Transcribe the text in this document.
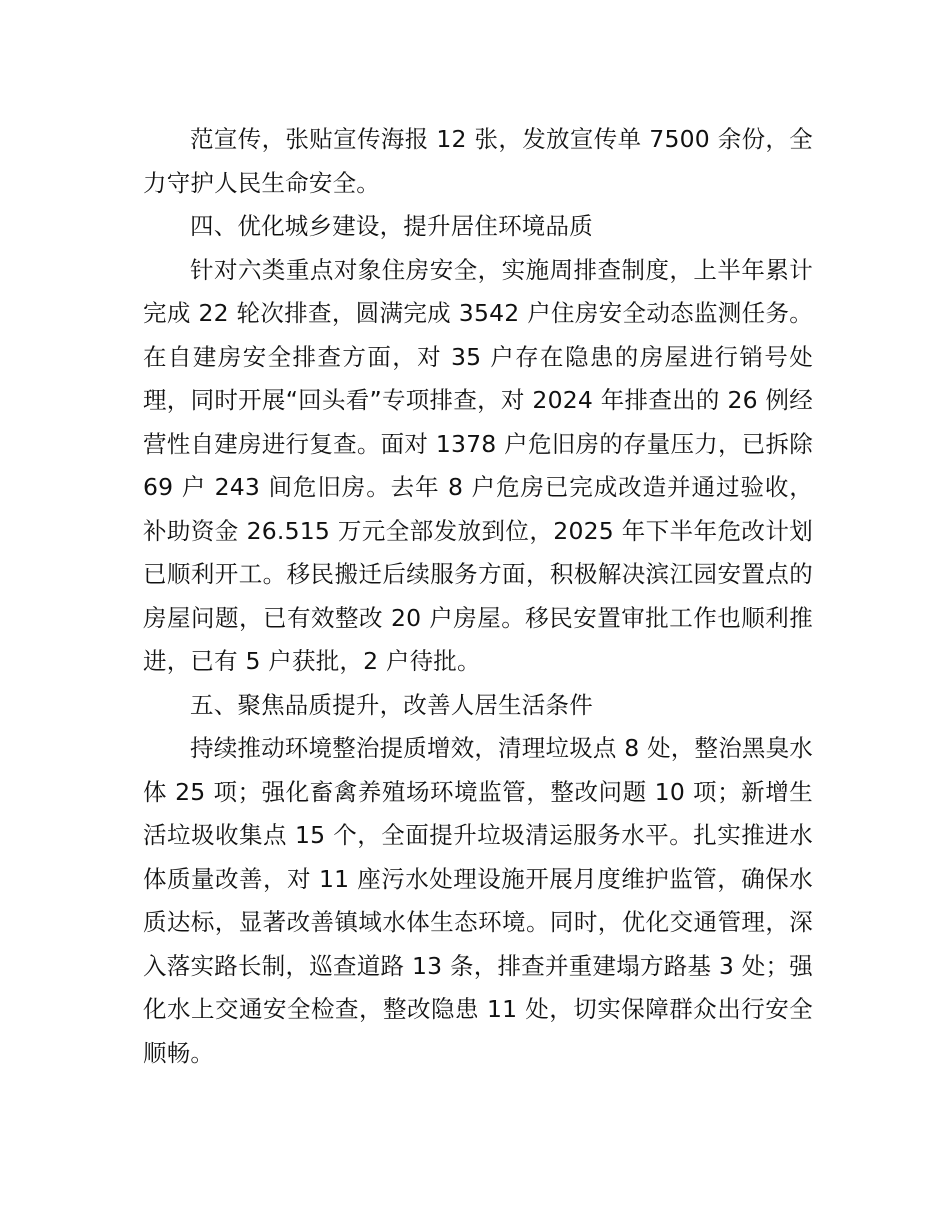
范宣传，张贴宣传海报 12 张，发放宣传单 7500 余份，全力守护人民生命安全。

四、优化城乡建设，提升居住环境品质

针对六类重点对象住房安全，实施周排查制度，上半年累计完成 22 轮次排查，圆满完成 3542 户住房安全动态监测任务。在自建房安全排查方面，对 35 户存在隐患的房屋进行销号处理，同时开展“回头看”专项排查，对 2024 年排查出的 26 例经营性自建房进行复查。面对 1378 户危旧房的存量压力，已拆除 69 户 243 间危旧房。去年 8 户危房已完成改造并通过验收，补助资金 26.515 万元全部发放到位，2025 年下半年危改计划已顺利开工。移民搬迁后续服务方面，积极解决滨江园安置点的房屋问题，已有效整改 20 户房屋。移民安置审批工作也顺利推进，已有 5 户获批，2 户待批。

五、聚焦品质提升，改善人居生活条件

持续推动环境整治提质增效，清理垃圾点 8 处，整治黑臭水体 25 项；强化畜禽养殖场环境监管，整改问题 10 项；新增生活垃圾收集点 15 个，全面提升垃圾清运服务水平。扎实推进水体质量改善，对 11 座污水处理设施开展月度维护监管，确保水质达标，显著改善镇域水体生态环境。同时，优化交通管理，深入落实路长制，巡查道路 13 条，排查并重建塌方路基 3 处；强化水上交通安全检查，整改隐患 11 处，切实保障群众出行安全顺畅。
